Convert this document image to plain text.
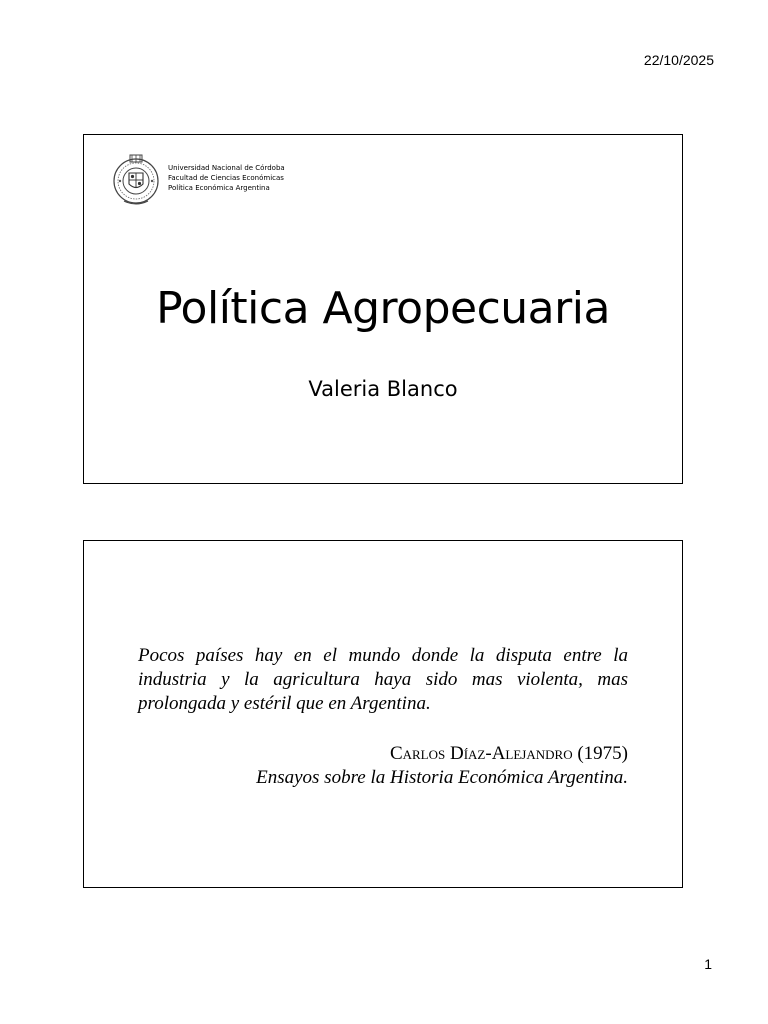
22/10/2025
Universidad Nacional de Córdoba
Facultad de Ciencias Económicas
Política Económica Argentina
Política Agropecuaria
Valeria Blanco
Pocos países hay en el mundo donde la disputa entre la industria y la agricultura haya sido mas violenta, mas prolongada y estéril que en Argentina.
Carlos Díaz-Alejandro (1975)
Ensayos sobre la Historia Económica Argentina.
1
